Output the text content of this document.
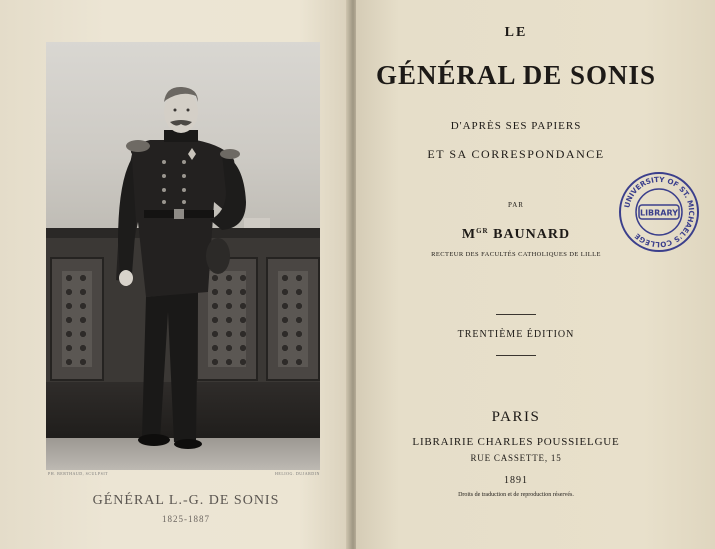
PH. BERTHAUD, SCULPSIT	HELIOG. DUJARDIN
GÉNÉRAL L.-G. DE SONIS
1825-1887
LE
GÉNÉRAL DE SONIS
D'APRÈS SES PAPIERS
ET SA CORRESPONDANCE
PAR
$M^{GR}$ BAUNARD
RECTEUR DES FACULTÉS CATHOLIQUES DE LILLE
TRENTIÈME ÉDITION
PARIS
LIBRAIRIE CHARLES POUSSIELGUE
RUE CASSETTE, 15
1891
Droits de traduction et de reproduction réservés.
UNIVERSITY OF ST. MICHAEL'S COLLEGE
LIBRARY
